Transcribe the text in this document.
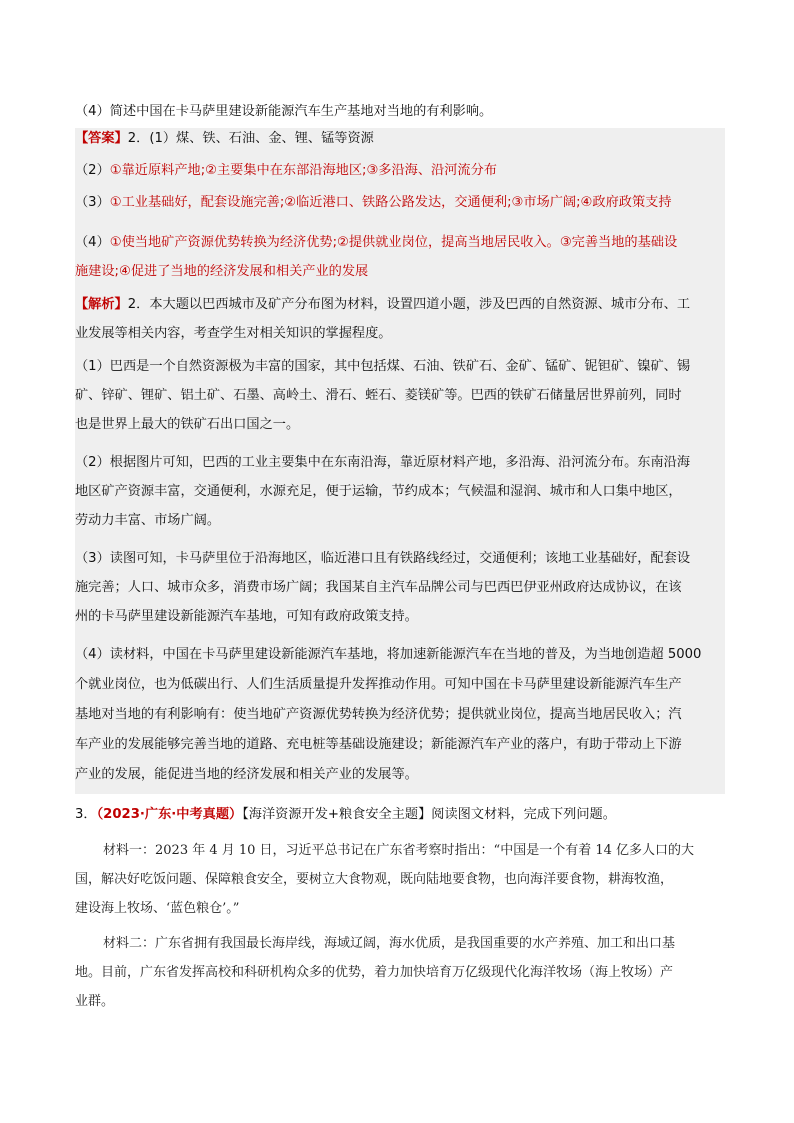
（4）简述中国在卡马萨里建设新能源汽车生产基地对当地的有利影响。
【答案】2．(1）煤、铁、石油、金、锂、锰等资源
（2）①靠近原料产地;②主要集中在东部沿海地区;③多沿海、沿河流分布
（3）①工业基础好，配套设施完善;②临近港口、铁路公路发达，交通便利;③市场广阔;④政府政策支持
（4）①使当地矿产资源优势转换为经济优势;②提供就业岗位，提高当地居民收入。③完善当地的基础设
施建设;④促进了当地的经济发展和相关产业的发展
【解析】2．本大题以巴西城市及矿产分布图为材料，设置四道小题，涉及巴西的自然资源、城市分布、工
业发展等相关内容，考查学生对相关知识的掌握程度。
（1）巴西是一个自然资源极为丰富的国家，其中包括煤、石油、铁矿石、金矿、锰矿、铌钽矿、镍矿、锡
矿、锌矿、锂矿、铝土矿、石墨、高岭土、滑石、蛭石、菱镁矿等。巴西的铁矿石储量居世界前列，同时
也是世界上最大的铁矿石出口国之一。
（2）根据图片可知，巴西的工业主要集中在东南沿海，靠近原材料产地，多沿海、沿河流分布。东南沿海
地区矿产资源丰富，交通便利，水源充足，便于运输，节约成本；气候温和湿润、城市和人口集中地区，
劳动力丰富、市场广阔。
（3）读图可知，卡马萨里位于沿海地区，临近港口且有铁路线经过，交通便利；该地工业基础好，配套设
施完善；人口、城市众多，消费市场广阔；我国某自主汽车品牌公司与巴西巴伊亚州政府达成协议，在该
州的卡马萨里建设新能源汽车基地，可知有政府政策支持。
（4）读材料，中国在卡马萨里建设新能源汽车基地，将加速新能源汽车在当地的普及，为当地创造超 5000
个就业岗位，也为低碳出行、人们生活质量提升发挥推动作用。可知中国在卡马萨里建设新能源汽车生产
基地对当地的有利影响有：使当地矿产资源优势转换为经济优势；提供就业岗位，提高当地居民收入；汽
车产业的发展能够完善当地的道路、充电桩等基础设施建设；新能源汽车产业的落户，有助于带动上下游
产业的发展，能促进当地的经济发展和相关产业的发展等。
3．（2023·广东·中考真题）【海洋资源开发+粮食安全主题】阅读图文材料，完成下列问题。
材料一：2023 年 4 月 10 日，习近平总书记在广东省考察时指出：“中国是一个有着 14 亿多人口的大
国，解决好吃饭问题、保障粮食安全，要树立大食物观，既向陆地要食物，也向海洋要食物，耕海牧渔，
建设海上牧场、‘蓝色粮仓’。”
材料二：广东省拥有我国最长海岸线，海域辽阔，海水优质，是我国重要的水产养殖、加工和出口基
地。目前，广东省发挥高校和科研机构众多的优势，着力加快培育万亿级现代化海洋牧场（海上牧场）产
业群。
